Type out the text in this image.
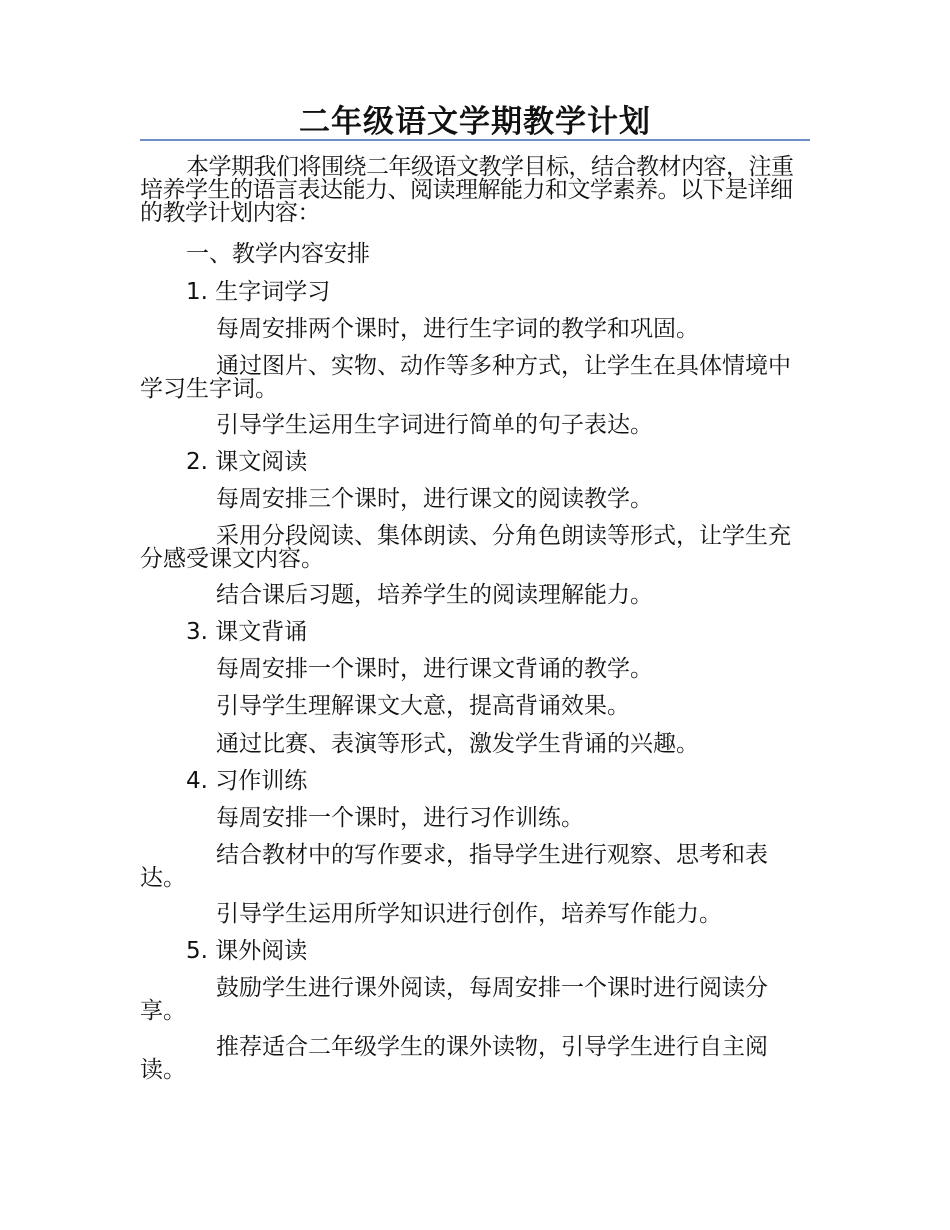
二年级语文学期教学计划

本学期我们将围绕二年级语文教学目标，结合教材内容，注重培养学生的语言表达能力、阅读理解能力和文学素养。以下是详细的教学计划内容：

一、教学内容安排

1. 生字词学习

每周安排两个课时，进行生字词的教学和巩固。

通过图片、实物、动作等多种方式，让学生在具体情境中学习生字词。

引导学生运用生字词进行简单的句子表达。

2. 课文阅读

每周安排三个课时，进行课文的阅读教学。

采用分段阅读、集体朗读、分角色朗读等形式，让学生充分感受课文内容。

结合课后习题，培养学生的阅读理解能力。

3. 课文背诵

每周安排一个课时，进行课文背诵的教学。

引导学生理解课文大意，提高背诵效果。

通过比赛、表演等形式，激发学生背诵的兴趣。

4. 习作训练

每周安排一个课时，进行习作训练。

结合教材中的写作要求，指导学生进行观察、思考和表达。

引导学生运用所学知识进行创作，培养写作能力。

5. 课外阅读

鼓励学生进行课外阅读，每周安排一个课时进行阅读分享。

推荐适合二年级学生的课外读物，引导学生进行自主阅读。
